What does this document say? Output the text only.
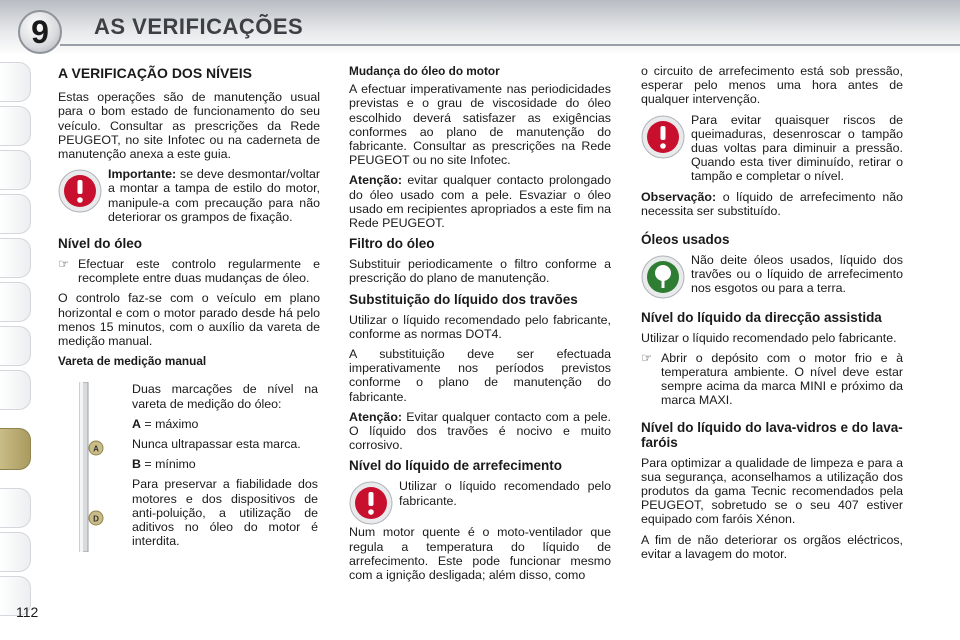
9	AS VERIFICAÇÕES
112
A VERIFICAÇÃO DOS NÍVEIS

Estas operações são de manutenção usual para o bom estado de funcionamento do seu veículo. Consultar as prescrições da Rede PEUGEOT, no site Infotec ou na caderneta de manutenção anexa a este guia.

Importante: se deve desmontar/voltar a montar a tampa de estilo do motor, manipule-a com precaução para não deteriorar os grampos de fixação.

Nível do óleo
☞ Efectuar este controlo regularmente e recomplete entre duas mudanças de óleo.

O controlo faz-se com o veículo em plano horizontal e com o motor parado desde há pelo menos 15 minutos, com o auxílio da vareta de medição manual.

Vareta de medição manual
A
D

Duas marcações de nível na vareta de medição do óleo:

A = máximo

Nunca ultrapassar esta marca.

B = mínimo

Para preservar a fiabilidade dos motores e dos dispositivos de anti-poluição, a utilização de aditivos no óleo do motor é interdita.

Mudança do óleo do motor

A efectuar imperativamente nas periodicidades previstas e o grau de viscosidade do óleo escolhido deverá satisfazer as exigências conformes ao plano de manutenção do fabricante. Consultar as prescrições na Rede PEUGEOT ou no site Infotec.

Atenção: evitar qualquer contacto prolongado do óleo usado com a pele. Esvaziar o óleo usado em recipientes apropriados a este fim na Rede PEUGEOT.

Filtro do óleo

Substituir periodicamente o filtro conforme a prescrição do plano de manutenção.

Substituição do líquido dos travões

Utilizar o líquido recomendado pelo fabricante, conforme as normas DOT4.

A substituição deve ser efectuada imperativamente nos períodos previstos conforme o plano de manutenção do fabricante.

Atenção: Evitar qualquer contacto com a pele. O líquido dos travões é nocivo e muito corrosivo.

Nível do líquido de arrefecimento

Utilizar o líquido recomendado pelo fabricante.

Num motor quente é o moto-ventilador que regula a temperatura do líquido de arrefecimento. Este pode funcionar mesmo com a ignição desligada; além disso, como

o circuito de arrefecimento está sob pressão, esperar pelo menos uma hora antes de qualquer intervenção.

Para evitar quaisquer riscos de queimaduras, desenroscar o tampão duas voltas para diminuir a pressão. Quando esta tiver diminuído, retirar o tampão e completar o nível.

Observação: o líquido de arrefecimento não necessita ser substituído.

Óleos usados

Não deite óleos usados, líquido dos travões ou o líquido de arrefecimento nos esgotos ou para a terra.

Nível do líquido da direcção assistida

Utilizar o líquido recomendado pelo fabricante.

☞ Abrir o depósito com o motor frio e à temperatura ambiente. O nível deve estar sempre acima da marca MINI e próximo da marca MAXI.

Nível do líquido do lava-vidros e do lava-faróis

Para optimizar a qualidade de limpeza e para a sua segurança, aconselhamos a utilização dos produtos da gama Tecnic recomendados pela PEUGEOT, sobretudo se o seu 407 estiver equipado com faróis Xénon.

A fim de não deteriorar os orgãos eléctricos, evitar a lavagem do motor.
